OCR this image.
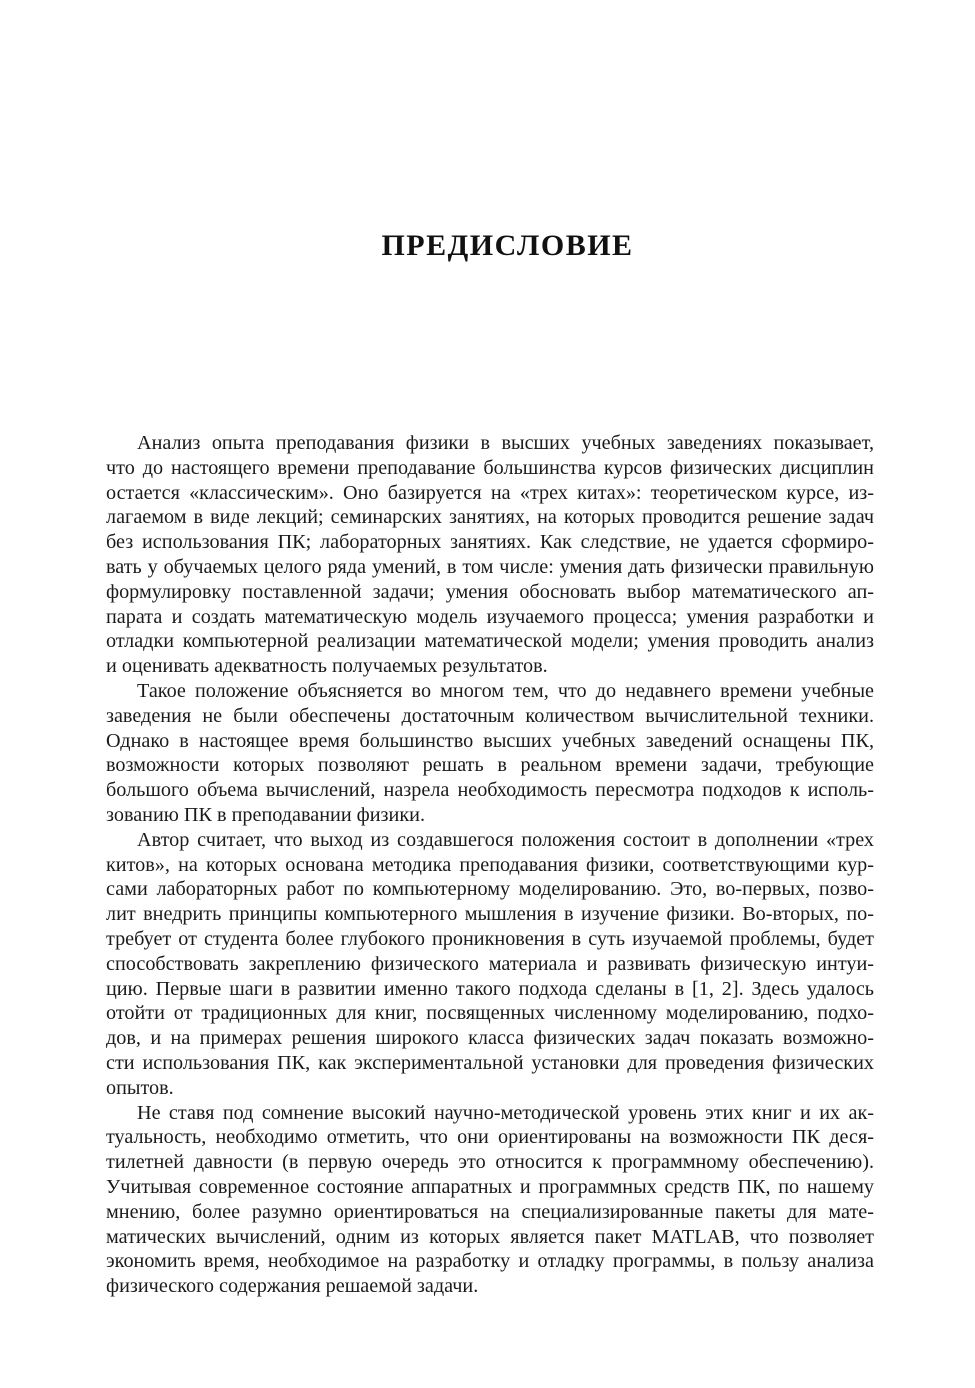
ПРЕДИСЛОВИЕ
Анализ опыта преподавания физики в высших учебных заведениях показывает,
что до настоящего времени преподавание большинства курсов физических дисциплин
остается «классическим». Оно базируется на «трех китах»: теоретическом курсе, из-
лагаемом в виде лекций; семинарских занятиях, на которых проводится решение задач
без использования ПК; лабораторных занятиях. Как следствие, не удается сформиро-
вать у обучаемых целого ряда умений, в том числе: умения дать физически правильную
формулировку поставленной задачи; умения обосновать выбор математического ап-
парата и создать математическую модель изучаемого процесса; умения разработки и
отладки компьютерной реализации математической модели; умения проводить анализ
и оценивать адекватность получаемых результатов.
Такое положение объясняется во многом тем, что до недавнего времени учебные
заведения не были обеспечены достаточным количеством вычислительной техники.
Однако в настоящее время большинство высших учебных заведений оснащены ПК,
возможности которых позволяют решать в реальном времени задачи, требующие
большого объема вычислений, назрела необходимость пересмотра подходов к исполь-
зованию ПК в преподавании физики.
Автор считает, что выход из создавшегося положения состоит в дополнении «трех
китов», на которых основана методика преподавания физики, соответствующими кур-
сами лабораторных работ по компьютерному моделированию. Это, во-первых, позво-
лит внедрить принципы компьютерного мышления в изучение физики. Во-вторых, по-
требует от студента более глубокого проникновения в суть изучаемой проблемы, будет
способствовать закреплению физического материала и развивать физическую интуи-
цию. Первые шаги в развитии именно такого подхода сделаны в [1, 2]. Здесь удалось
отойти от традиционных для книг, посвященных численному моделированию, подхо-
дов, и на примерах решения широкого класса физических задач показать возможно-
сти использования ПК, как экспериментальной установки для проведения физических
опытов.
Не ставя под сомнение высокий научно-методической уровень этих книг и их ак-
туальность, необходимо отметить, что они ориентированы на возможности ПК деся-
тилетней давности (в первую очередь это относится к программному обеспечению).
Учитывая современное состояние аппаратных и программных средств ПК, по нашему
мнению, более разумно ориентироваться на специализированные пакеты для мате-
матических вычислений, одним из которых является пакет MATLAB, что позволяет
экономить время, необходимое на разработку и отладку программы, в пользу анализа
физического содержания решаемой задачи.
